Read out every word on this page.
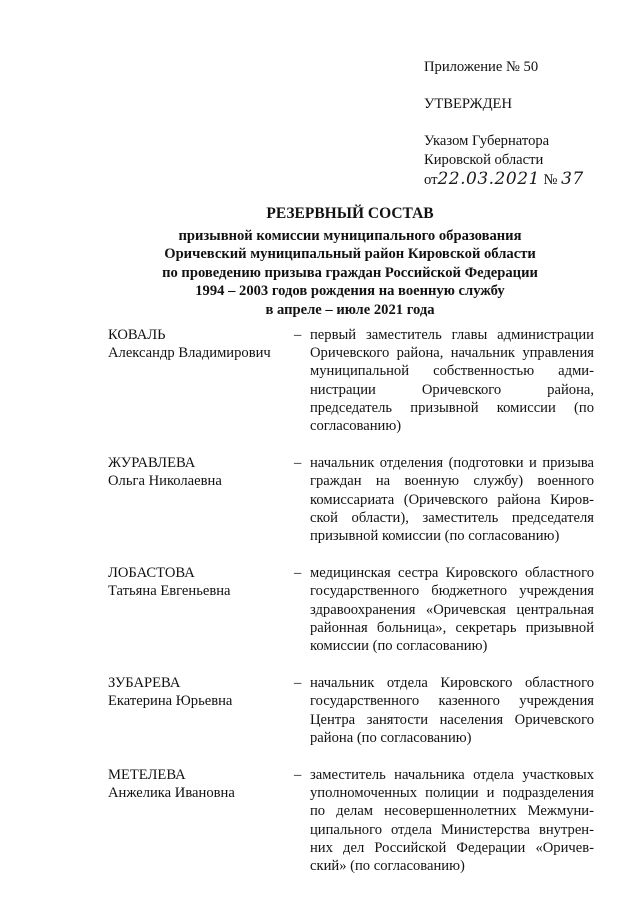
Приложение № 50
УТВЕРЖДЕН
Указом Губернатора
Кировской области
от22.03.2021 № 37
РЕЗЕРВНЫЙ СОСТАВ
призывной комиссии муниципального образования
Оричевский муниципальный район Кировской области
по проведению призыва граждан Российской Федерации
1994 – 2003 годов рождения на военную службу
в апреле – июле 2021 года
КОВАЛЬ
Александр Владимирович
– первый заместитель главы администрации Оричевского района, начальник управления муниципальной собственностью администрации Оричевского района, председатель призывной комиссии (по согласованию)
ЖУРАВЛЕВА
Ольга Николаевна
– начальник отделения (подготовки и призыва граждан на военную службу) военного комиссариата (Оричевского района Кировской области), заместитель председателя призывной комиссии (по согласованию)
ЛОБАСТОВА
Татьяна Евгеньевна
– медицинская сестра Кировского областного государственного бюджетного учреждения здравоохранения «Оричевская центральная районная больница», секретарь призывной комиссии (по согласованию)
ЗУБАРЕВА
Екатерина Юрьевна
– начальник отдела Кировского областного государственного казенного учреждения Центра занятости населения Оричевского района (по согласованию)
МЕТЕЛЕВА
Анжелика Ивановна
– заместитель начальника отдела участковых уполномоченных полиции и подразделения по делам несовершеннолетних Межмуниципального отдела Министерства внутренних дел Российской Федерации «Оричевский» (по согласованию)
